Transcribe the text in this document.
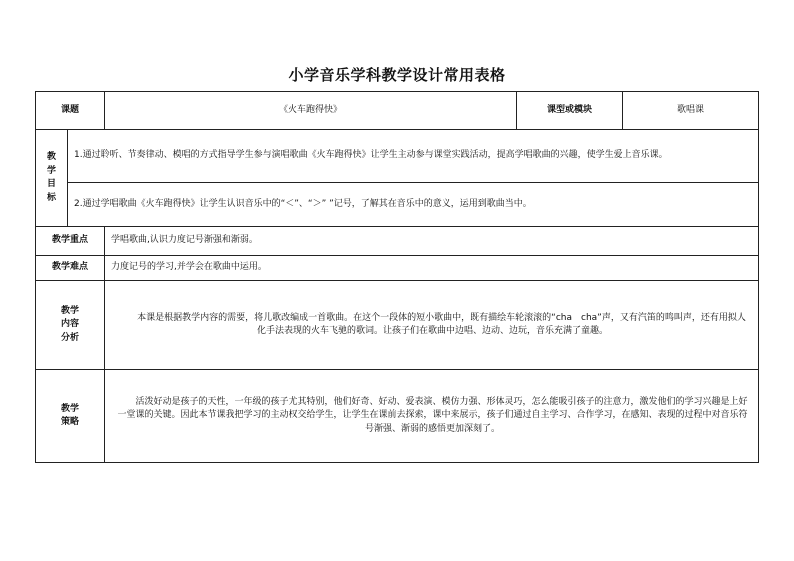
小学音乐学科教学设计常用表格
课题		《火车跑得快》	课型或模块	歌唱课

教
学
目
标	1.通过聆听、节奏律动、模唱的方式指导学生参与演唱歌曲《火车跑得快》让学生主动参与课堂实践活动，提高学唱歌曲的兴趣，使学生爱上音乐课。			
	2.通过学唱歌曲《火车跑得快》让学生认识音乐中的“＜”、“＞” ”记号，了解其在音乐中的意义，运用到歌曲当中。			
教学重点		学唱歌曲,认识力度记号渐强和渐弱。		
教学难点		力度记号的学习,并学会在歌曲中运用。		

教学
内容
分析		本课是根据教学内容的需要，将儿歌改编成一首歌曲。在这个一段体的短小歌曲中，既有描绘车轮滚滚的“cha　cha”声，又有汽笛的鸣叫声，还有用拟人化手法表现的火车飞驰的歌词。让孩子们在歌曲中边唱、边动、边玩，音乐充满了童趣。		

教学
策略		活泼好动是孩子的天性，一年级的孩子尤其特别，他们好奇、好动、爱表演、模仿力强、形体灵巧，怎么能吸引孩子的注意力，激发他们的学习兴趣是上好一堂课的关键。因此本节课我把学习的主动权交给学生，让学生在课前去探索，课中来展示，孩子们通过自主学习、合作学习，在感知、表现的过程中对音乐符号渐强、渐弱的感悟更加深刻了。		
